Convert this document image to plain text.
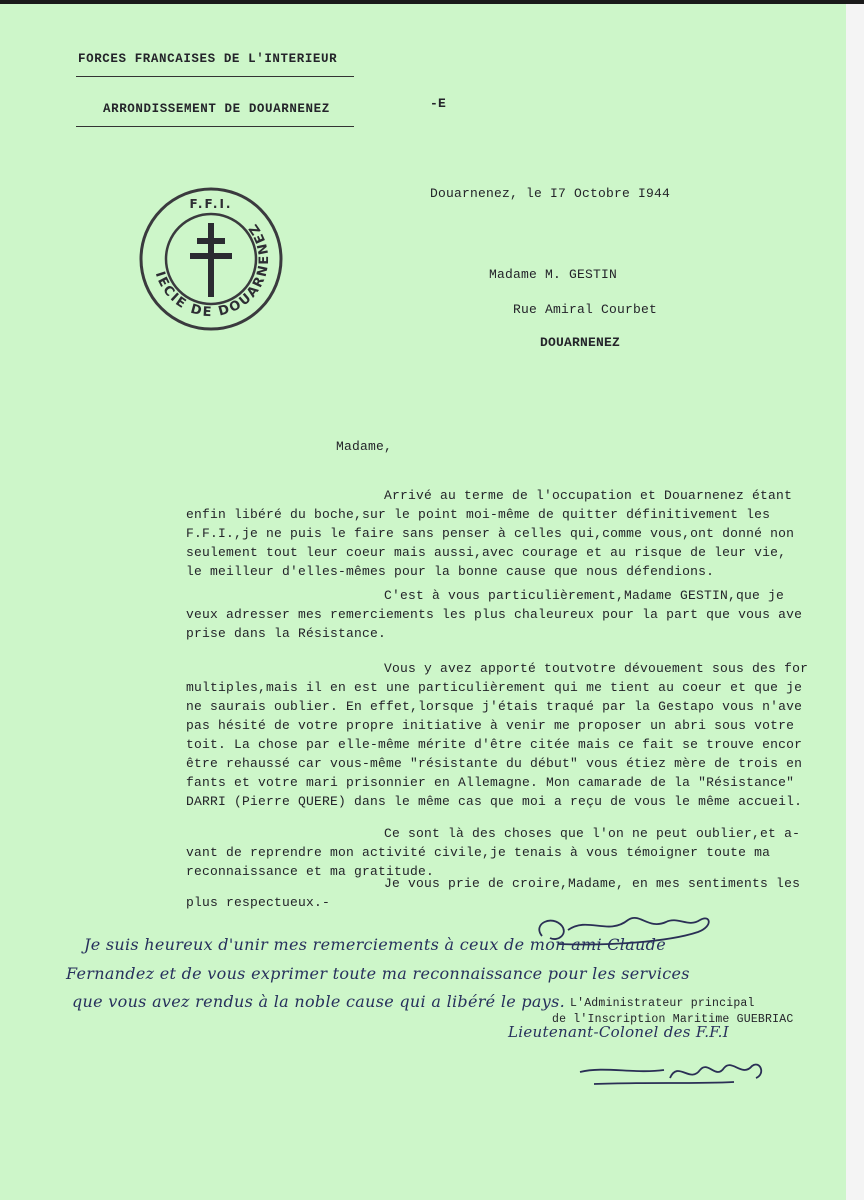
FORCES FRANCAISES DE L'INTERIEUR
ARRONDISSEMENT DE DOUARNENEZ	-E
IECIE DE DOUARNENEZ
F.F.I.
Douarnenez, le I7 Octobre I944
Madame M. GESTIN
Rue Amiral Courbet
DOUARNENEZ
Madame,
Arrivé au terme de l'occupation et Douarnenez étant
enfin libéré du boche,sur le point moi-même de quitter définitivement les
F.F.I.,je ne puis le faire sans penser à celles qui,comme vous,ont donné non
seulement tout leur coeur mais aussi,avec courage et au risque de leur vie,
le meilleur d'elles-mêmes pour la bonne cause que nous défendions.
C'est à vous particulièrement,Madame GESTIN,que je
veux adresser mes remerciements les plus chaleureux pour la part que vous ave
prise dans la Résistance.
Vous y avez apporté toutvotre dévouement sous des for
multiples,mais il en est une particulièrement qui me tient au coeur et que je
ne saurais oublier. En effet,lorsque j'étais traqué par la Gestapo vous n'ave
pas hésité de votre propre initiative à venir me proposer un abri sous votre
toit. La chose par elle-même mérite d'être citée mais ce fait se trouve encor
être rehaussé car vous-même "résistante du début" vous étiez mère de trois en
fants et votre mari prisonnier en Allemagne. Mon camarade de la "Résistance"
DARRI (Pierre QUERE) dans le même cas que moi a reçu de vous le même accueil.
Ce sont là des choses que l'on ne peut oublier,et a-
vant de reprendre mon activité civile,je tenais à vous témoigner toute ma
reconnaissance et ma gratitude.
Je vous prie de croire,Madame, en mes sentiments les
plus respectueux.-
Je suis heureux d'unir mes remerciements à ceux de mon ami Claude
Fernandez et de vous exprimer toute ma reconnaissance pour les services
que vous avez rendus à la noble cause qui a libéré le pays. L'Administrateur principal
de l'Inscription Maritime GUEBRIAC
Lieutenant-Colonel des F.F.I
